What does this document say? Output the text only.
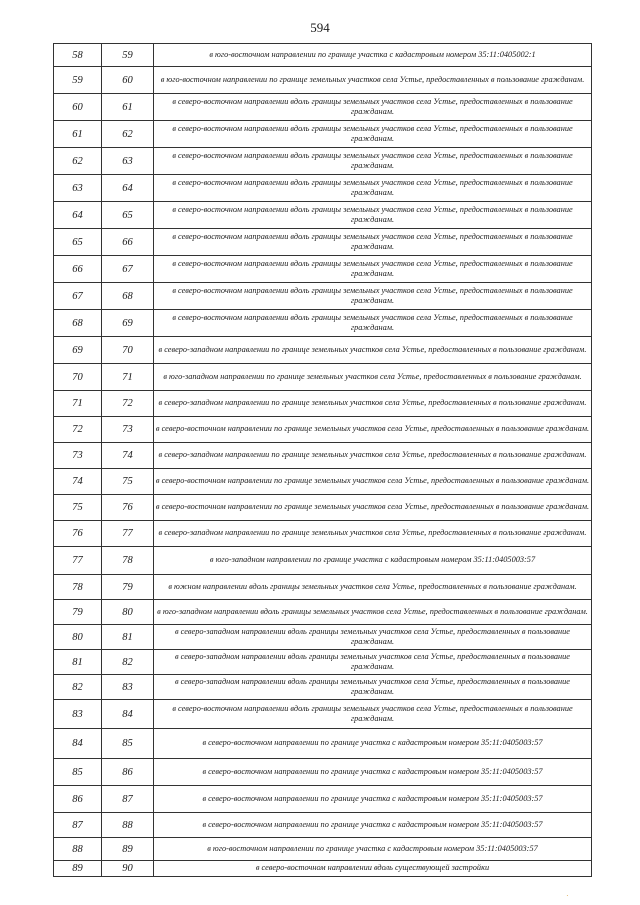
594
58	59	в юго-восточном направлении по границе участка с кадастровым номером 35:11:0405002:1
59	60	в юго-восточном направлении по границе земельных участков села Устье, предоставленных в пользование гражданам.
60	61	в северо-восточном направлении вдоль границы земельных участков села Устье, предоставленных в пользование гражданам.
61	62	в северо-восточном направлении вдоль границы земельных участков села Устье, предоставленных в пользование гражданам.
62	63	в северо-восточном направлении вдоль границы земельных участков села Устье, предоставленных в пользование гражданам.
63	64	в северо-восточном направлении вдоль границы земельных участков села Устье, предоставленных в пользование гражданам.
64	65	в северо-восточном направлении вдоль границы земельных участков села Устье, предоставленных в пользование гражданам.
65	66	в северо-восточном направлении вдоль границы земельных участков села Устье, предоставленных в пользование гражданам.
66	67	в северо-восточном направлении вдоль границы земельных участков села Устье, предоставленных в пользование гражданам.
67	68	в северо-восточном направлении вдоль границы земельных участков села Устье, предоставленных в пользование гражданам.
68	69	в северо-восточном направлении вдоль границы земельных участков села Устье, предоставленных в пользование гражданам.
69	70	в северо-западном направлении по границе земельных участков села Устье, предоставленных в пользование гражданам.
70	71	в юго-западном направлении по границе земельных участков села Устье, предоставленных в пользование гражданам.
71	72	в северо-западном направлении по границе земельных участков села Устье, предоставленных в пользование гражданам.
72	73	в северо-восточном направлении по границе земельных участков села Устье, предоставленных в пользование гражданам.
73	74	в северо-западном направлении по границе земельных участков села Устье, предоставленных в пользование гражданам.
74	75	в северо-восточном направлении по границе земельных участков села Устье, предоставленных в пользование гражданам.
75	76	в северо-восточном направлении по границе земельных участков села Устье, предоставленных в пользование гражданам.
76	77	в северо-западном направлении по границе земельных участков села Устье, предоставленных в пользование гражданам.
77	78	в юго-западном направлении по границе участка с кадастровым номером 35:11:0405003:57
78	79	в южном направлении вдоль границы земельных участков села Устье, предоставленных в пользование гражданам.
79	80	в юго-западном направлении вдоль границы земельных участков села Устье, предоставленных в пользование гражданам.
80	81	в северо-западном направлении вдоль границы земельных участков села Устье, предоставленных в пользование гражданам.
81	82	в северо-западном направлении вдоль границы земельных участков села Устье, предоставленных в пользование гражданам.
82	83	в северо-западном направлении вдоль границы земельных участков села Устье, предоставленных в пользование гражданам.
83	84	в северо-восточном направлении вдоль границы земельных участков села Устье, предоставленных в пользование гражданам.
84	85	в северо-восточном направлении по границе участка с кадастровым номером 35:11:0405003:57
85	86	в северо-восточном направлении по границе участка с кадастровым номером 35:11:0405003:57
86	87	в северо-восточном направлении по границе участка с кадастровым номером 35:11:0405003:57
87	88	в северо-восточном направлении по границе участка с кадастровым номером 35:11:0405003:57
88	89	в юго-восточном направлении по границе участка с кадастровым номером 35:11:0405003:57
89	90	в северо-восточном направлении вдоль существующей застройки
·
